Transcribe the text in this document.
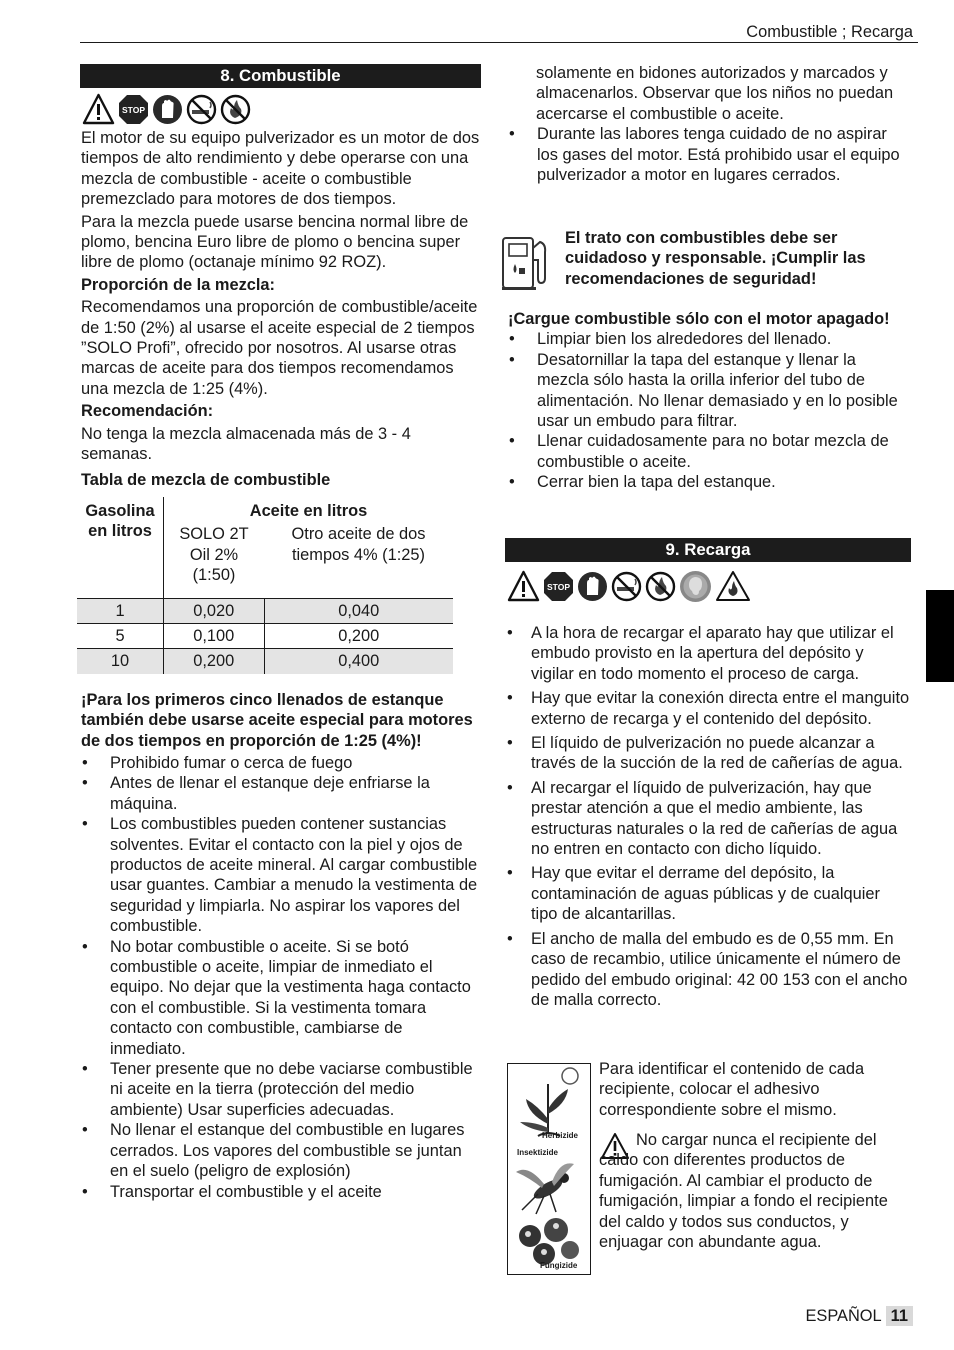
Combustible ; Recarga
8. Combustible
STOP

El motor de su equipo pulverizador es un motor de dos tiempos de alto rendimiento y debe operarse con una mezcla de combustible - aceite o combustible premezclado para motores de dos tiempos.

Para la mezcla puede usarse bencina normal libre de plomo, bencina Euro libre de plomo o bencina super libre de plomo (octanaje mínimo 92 ROZ).

Proporción de la mezcla:

Recomendamos una proporción de combustible/aceite de 1:50 (2%) al usarse el aceite especial de 2 tiempos ”SOLO Profi”, ofrecido por nosotros. Al usarse otras marcas de aceite para dos tiempos recomendamos una mezcla de 1:25 (4%).

Recomendación:

No tenga la mezcla almacenada más de 3 - 4 semanas.

Tabla de mezcla de combustible

Gasolina en litros	Aceite en litros	
	SOLO 2T Oil 2% (1:50)	Otro aceite de dos tiempos 4% (1:25)
1	0,020	0,040
5	0,100	0,200
10	0,200	0,400

¡Para los primeros cinco llenados de estanque también debe usarse aceite especial para motores de dos tiempos en proporción de 1:25 (4%)!

• Prohibido fumar o cerca de fuego
• Antes de llenar el estanque deje enfriarse la máquina.
• Los combustibles pueden contener sustancias solventes. Evitar el contacto con la piel y ojos de productos de aceite mineral. Al cargar combustible usar guantes. Cambiar a menudo la vestimenta de seguridad y limpiarla. No aspirar los vapores del combustible.
• No botar combustible o aceite. Si se botó combustible o aceite, limpiar de inmediato el equipo. No dejar que la vestimenta haga contacto con el combustible. Si la vestimenta tomara contacto con combustible, cambiarse de inmediato.
• Tener presente que no debe vaciarse combustible ni aceite en la tierra (protección del medio ambiente) Usar superficies adecuadas.
• No llenar el estanque del combustible en lugares cerrados. Los vapores del combustible se juntan en el suelo (peligro de explosión)
• Transportar el combustible y el aceite

solamente en bidones autorizados y marcados y almacenarlos. Observar que los niños no puedan acercarse el combustible o aceite.

• Durante las labores tenga cuidado de no aspirar los gases del motor. Está prohibido usar el equipo pulverizador a motor en lugares cerrados.

El trato con combustibles debe ser cuidadoso y responsable. ¡Cumplir las recomendaciones de seguridad!

¡Cargue combustible sólo con el motor apagado!

• Limpiar bien los alrededores del llenado.
• Desatornillar la tapa del estanque y llenar la mezcla sólo hasta la orilla inferior del tubo de alimentación. No llenar demasiado y en lo posible usar un embudo para filtrar.
• Llenar cuidadosamente para no botar mezcla de combustible o aceite.
• Cerrar bien la tapa del estanque.
9. Recarga
STOP
• A la hora de recargar el aparato hay que utilizar el embudo provisto en la apertura del depósito y vigilar en todo momento el proceso de carga.
• Hay que evitar la conexión directa entre el manguito externo de recarga y el contenido del depósito.
• El líquido de pulverización no puede alcanzar a través de la succión de la red de cañerías de agua.
• Al recargar el líquido de pulverización, hay que prestar atención a que el medio ambiente, las estructuras naturales o la red de cañerías de agua no entren en contacto con dicho líquido.
• Hay que evitar el derrame del depósito, la contaminación de aguas públicas y de cualquier tipo de alcantarillas.
• El ancho de malla del embudo es de 0,55 mm. En caso de recambio, utilice únicamente el número de pedido del embudo original: 42 00 153 con el ancho de malla correcto.
Herbizide
Insektizide
Fungizide

Para identificar el contenido de cada recipiente, colocar el adhesivo correspondiente sobre el mismo.

No cargar nunca el recipiente del caldo con diferentes productos de fumigación. Al cambiar el producto de fumigación, limpiar a fondo el recipiente del caldo y todos sus conductos, y enjuagar con abundante agua.

ESPAÑOL 11
